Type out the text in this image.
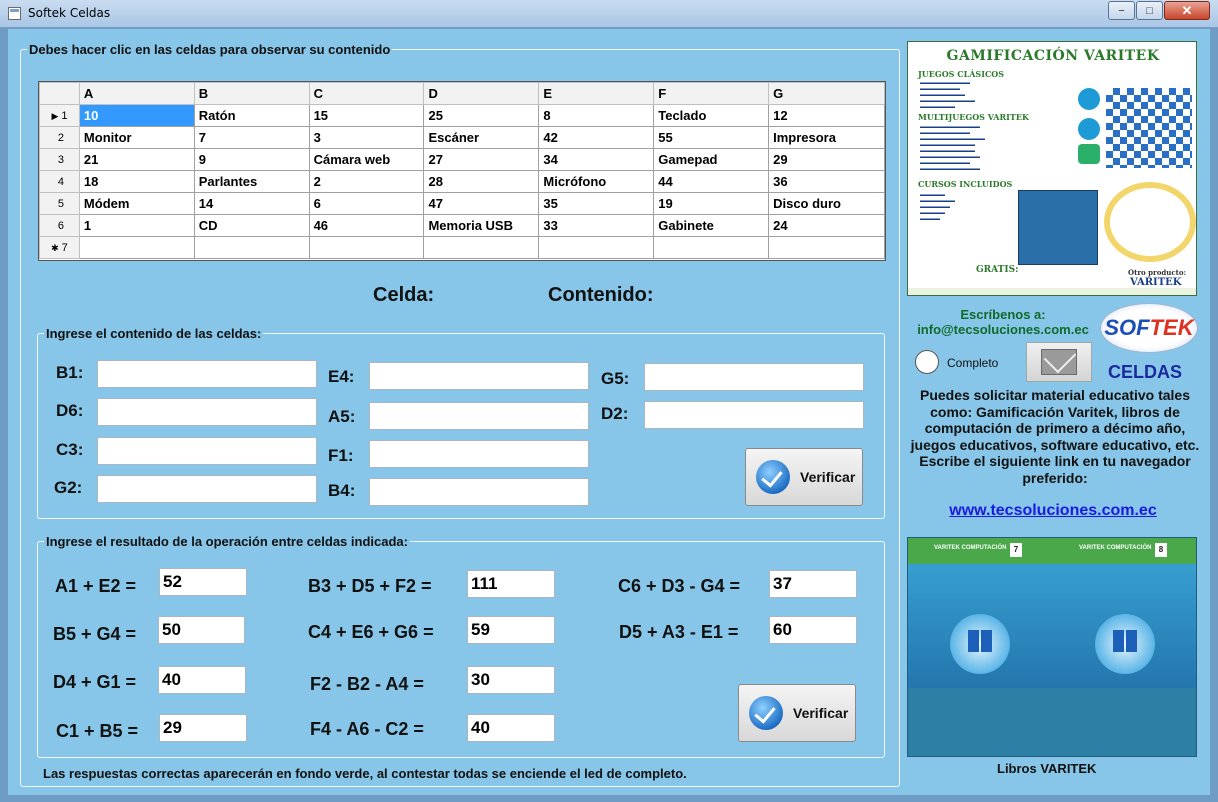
Softek Celdas	−	□	✕
Debes hacer clic en las celdas para observar su contenido
	A	B	C	D	E	F	G
▶ 1	10	Ratón	15	25	8	Teclado	12
2	Monitor	7	3	Escáner	42	55	Impresora
3	21	9	Cámara web	27	34	Gamepad	29
4	18	Parlantes	2	28	Micrófono	44	36
5	Módem	14	6	47	35	19	Disco duro
6	1	CD	46	Memoria USB	33	Gabinete	24
✱ 7							
Celda:	Contenido:
Ingrese el contenido de las celdas:
B1:
D6:
C3:
G2:
E4:
A5:
F1:
B4:
G5:
D2:
Verificar
Ingrese el resultado de la operación entre celdas indicada:
A1 + E2 =
52
B5 + G4 =
50
D4 + G1 =
40
C1 + B5 =
29
B3 + D5 + F2 =
111
C4 + E6 + G6 =
59
F2 - B2 - A4 =
30
F4 - A6 - C2 =
40
C6 + D3 - G4 =
37
D5 + A3 - E1 =
60
Verificar
Las respuestas correctas aparecerán en fondo verde, al contestar todas se enciende el led de completo.
GAMIFICACIÓN VARITEK
JUEGOS CLÁSICOS
▬▬▬▬▬▬▬▬▬▬
▬▬▬▬▬▬▬▬
▬▬▬▬▬▬▬▬▬
▬▬▬▬▬▬▬▬▬▬▬
▬▬▬▬▬▬▬
MULTIJUEGOS VARITEK
▬▬▬▬▬▬▬▬▬▬▬▬
▬▬▬▬▬▬▬▬▬▬
▬▬▬▬▬▬▬▬▬▬▬▬▬
▬▬▬▬▬▬▬▬▬▬▬
▬▬▬▬▬▬▬▬▬▬▬
▬▬▬▬▬▬▬▬▬▬▬▬
▬▬▬▬▬▬▬▬▬▬
▬▬▬▬▬▬▬▬▬▬▬▬
CURSOS INCLUIDOS
▬▬▬▬▬
▬▬▬▬▬▬▬
▬▬▬▬▬▬
▬▬▬▬▬
▬▬▬▬
GRATIS:	Otro producto:
VARITEK
Escríbenos a:
info@tecsoluciones.com.ec SOF TEK
Completo	CELDAS
Puedes solicitar material educativo tales como: Gamificación Varitek, libros de computación de primero a décimo año, juegos educativos, software educativo, etc. Escribe el siguiente link en tu navegador preferido:
www.tecsoluciones.com.ec
VARITEK COMPUTACIÓN 7	VARITEK COMPUTACIÓN 8
Libros VARITEK
